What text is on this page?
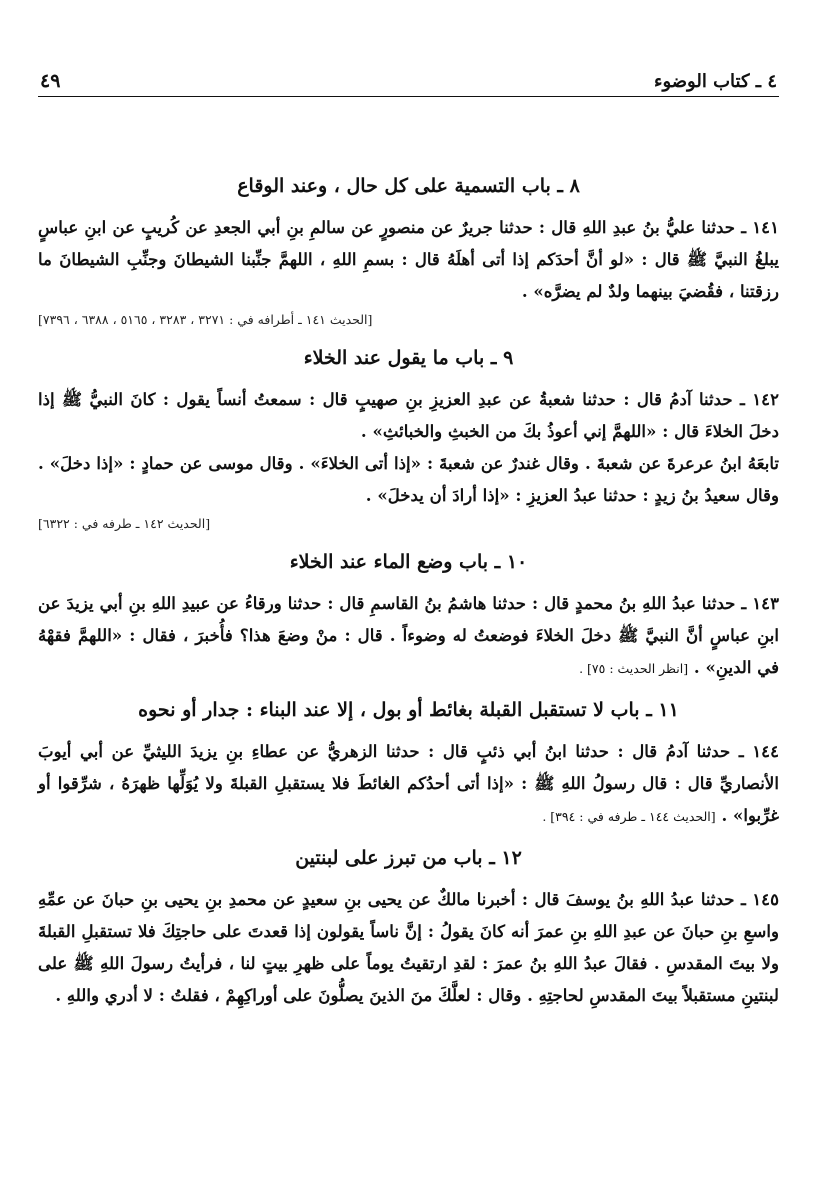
٤ ـ كتاب الوضوء
٤٩
٨ ـ باب التسمية على كل حال ، وعند الوقاع

١٤١ ـ حدثنا عليُّ بنُ عبدِ اللهِ قال : حدثنا جريرٌ عن منصورٍ عن سالمِ بنِ أبي الجعدِ عن كُريبٍ عن ابنِ عباسٍ يبلغُ النبيَّ ﷺ قال : «لو أنَّ أحدَكم إذا أتى أهلَهُ قال : بسمِ اللهِ ، اللهمَّ جنِّبنا الشيطانَ وجنِّبِ الشيطانَ ما رزقتنا ، فقُضيَ بينهما ولدٌ لم يضرَّه» .

[الحديث ١٤١ ـ أطرافه في : ٣٢٧١ ، ٣٢٨٣ ، ٥١٦٥ ، ٦٣٨٨ ، ٧٣٩٦]
٩ ـ باب ما يقول عند الخلاء

١٤٢ ـ حدثنا آدمُ قال : حدثنا شعبةُ عن عبدِ العزيزِ بنِ صهيبٍ قال : سمعتُ أنساً يقول : كانَ النبيُّ ﷺ إذا دخلَ الخلاءَ قال : «اللهمَّ إني أعوذُ بكَ من الخبثِ والخبائثِ» .

تابعَهُ ابنُ عرعرةَ عن شعبةَ . وقال غندرٌ عن شعبةَ : «إذا أتى الخلاءَ» . وقال موسى عن حمادٍ : «إذا دخلَ» . وقال سعيدُ بنُ زيدٍ : حدثنا عبدُ العزيزِ : «إذا أرادَ أن يدخلَ» .

[الحديث ١٤٢ ـ طرفه في : ٦٣٢٢]
١٠ ـ باب وضع الماء عند الخلاء

١٤٣ ـ حدثنا عبدُ اللهِ بنُ محمدٍ قال : حدثنا هاشمُ بنُ القاسمِ قال : حدثنا ورقاءُ عن عبيدِ اللهِ بنِ أبي يزيدَ عن ابنِ عباسٍ أنَّ النبيَّ ﷺ دخلَ الخلاءَ فوضعتُ له وضوءاً . قال : منْ وضعَ هذا؟ فأُخبرَ ، فقال : «اللهمَّ فقهْهُ في الدينِ» . [انظر الحديث : ٧٥] .

١١ ـ باب لا تستقبل القبلة بغائط أو بول ، إلا عند البناء : جدار أو نحوه

١٤٤ ـ حدثنا آدمُ قال : حدثنا ابنُ أبي ذئبٍ قال : حدثنا الزهريُّ عن عطاءِ بنِ يزيدَ الليثيِّ عن أبي أيوبَ الأنصاريِّ قال : قال رسولُ اللهِ ﷺ : «إذا أتى أحدُكم الغائطَ فلا يستقبلِ القبلةَ ولا يُوَلِّها ظهرَهُ ، شرِّقوا أو غرِّبوا» . [الحديث ١٤٤ ـ طرفه في : ٣٩٤] .

١٢ ـ باب من تبرز على لبنتين

١٤٥ ـ حدثنا عبدُ اللهِ بنُ يوسفَ قال : أخبرنا مالكٌ عن يحيى بنِ سعيدٍ عن محمدِ بنِ يحيى بنِ حبانَ عن عمِّهِ واسعِ بنِ حبانَ عن عبدِ اللهِ بنِ عمرَ أنه كانَ يقولُ : إنَّ ناساً يقولون إذا قعدتَ على حاجتِكَ فلا تستقبلِ القبلةَ ولا بيتَ المقدسِ . فقالَ عبدُ اللهِ بنُ عمرَ : لقدِ ارتقيتُ يوماً على ظهرِ بيتٍ لنا ، فرأيتُ رسولَ اللهِ ﷺ على لبنتينِ مستقبلاً بيتَ المقدسِ لحاجتِهِ . وقال : لعلَّكَ منَ الذينَ يصلُّونَ على أوراكِهِمْ ، فقلتُ : لا أدري واللهِ .
